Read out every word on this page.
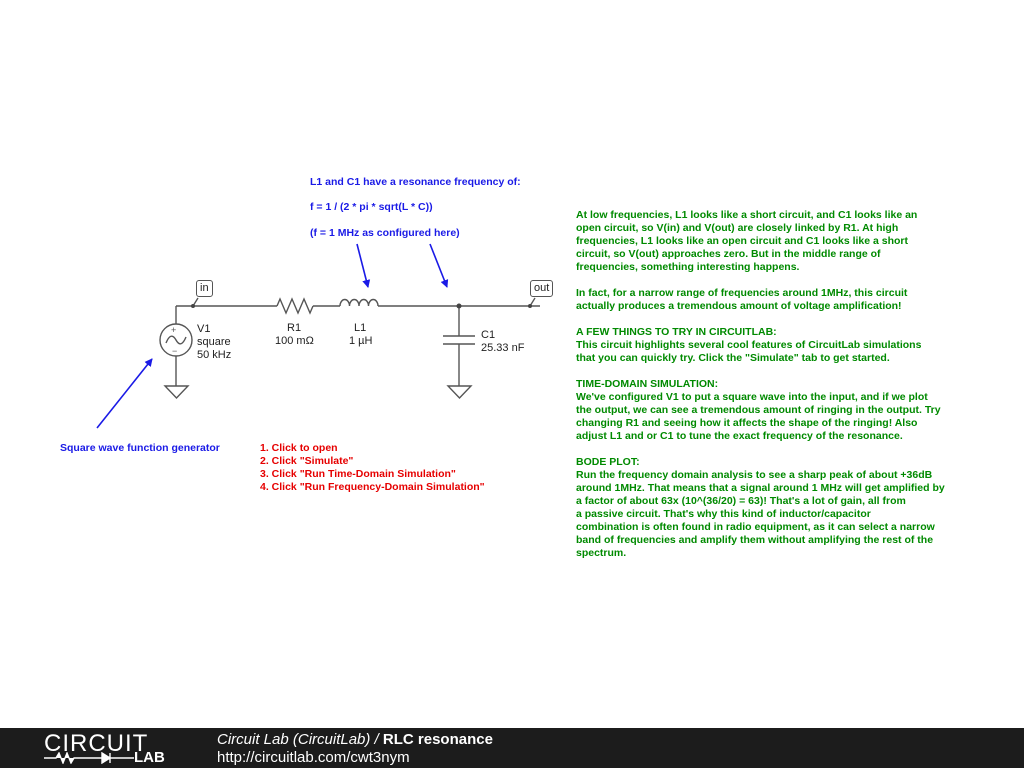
+
−
in	out
V1
square
50 kHz
R1
100 mΩ
L1
1 µH	C1
25.33 nF
L1 and C1 have a resonance frequency of:
f = 1 / (2 * pi * sqrt(L * C))
(f = 1 MHz as configured here)
Square wave function generator	1. Click to open
2. Click "Simulate"
3. Click "Run Time-Domain Simulation"
4. Click "Run Frequency-Domain Simulation"
At low frequencies, L1 looks like a short circuit, and C1 looks like an
open circuit, so V(in) and V(out) are closely linked by R1. At high
frequencies, L1 looks like an open circuit and C1 looks like a short
circuit, so V(out) approaches zero. But in the middle range of
frequencies, something interesting happens.
In fact, for a narrow range of frequencies around 1MHz, this circuit
actually produces a tremendous amount of voltage amplification!
A FEW THINGS TO TRY IN CIRCUITLAB:
This circuit highlights several cool features of CircuitLab simulations
that you can quickly try. Click the "Simulate" tab to get started.
TIME-DOMAIN SIMULATION:
We've configured V1 to put a square wave into the input, and if we plot
the output, we can see a tremendous amount of ringing in the output. Try
changing R1 and seeing how it affects the shape of the ringing! Also
adjust L1 and or C1 to tune the exact frequency of the resonance.
BODE PLOT:
Run the frequency domain analysis to see a sharp peak of about +36dB
around 1MHz. That means that a signal around 1 MHz will get amplified by
a factor of about 63x (10^(36/20) = 63)! That's a lot of gain, all from
a passive circuit. That's why this kind of inductor/capacitor
combination is often found in radio equipment, as it can select a narrow
band of frequencies and amplify them without amplifying the rest of the
spectrum.
CIRCUIT
LAB
Circuit Lab (CircuitLab) / RLC resonance
http://circuitlab.com/cwt3nym
